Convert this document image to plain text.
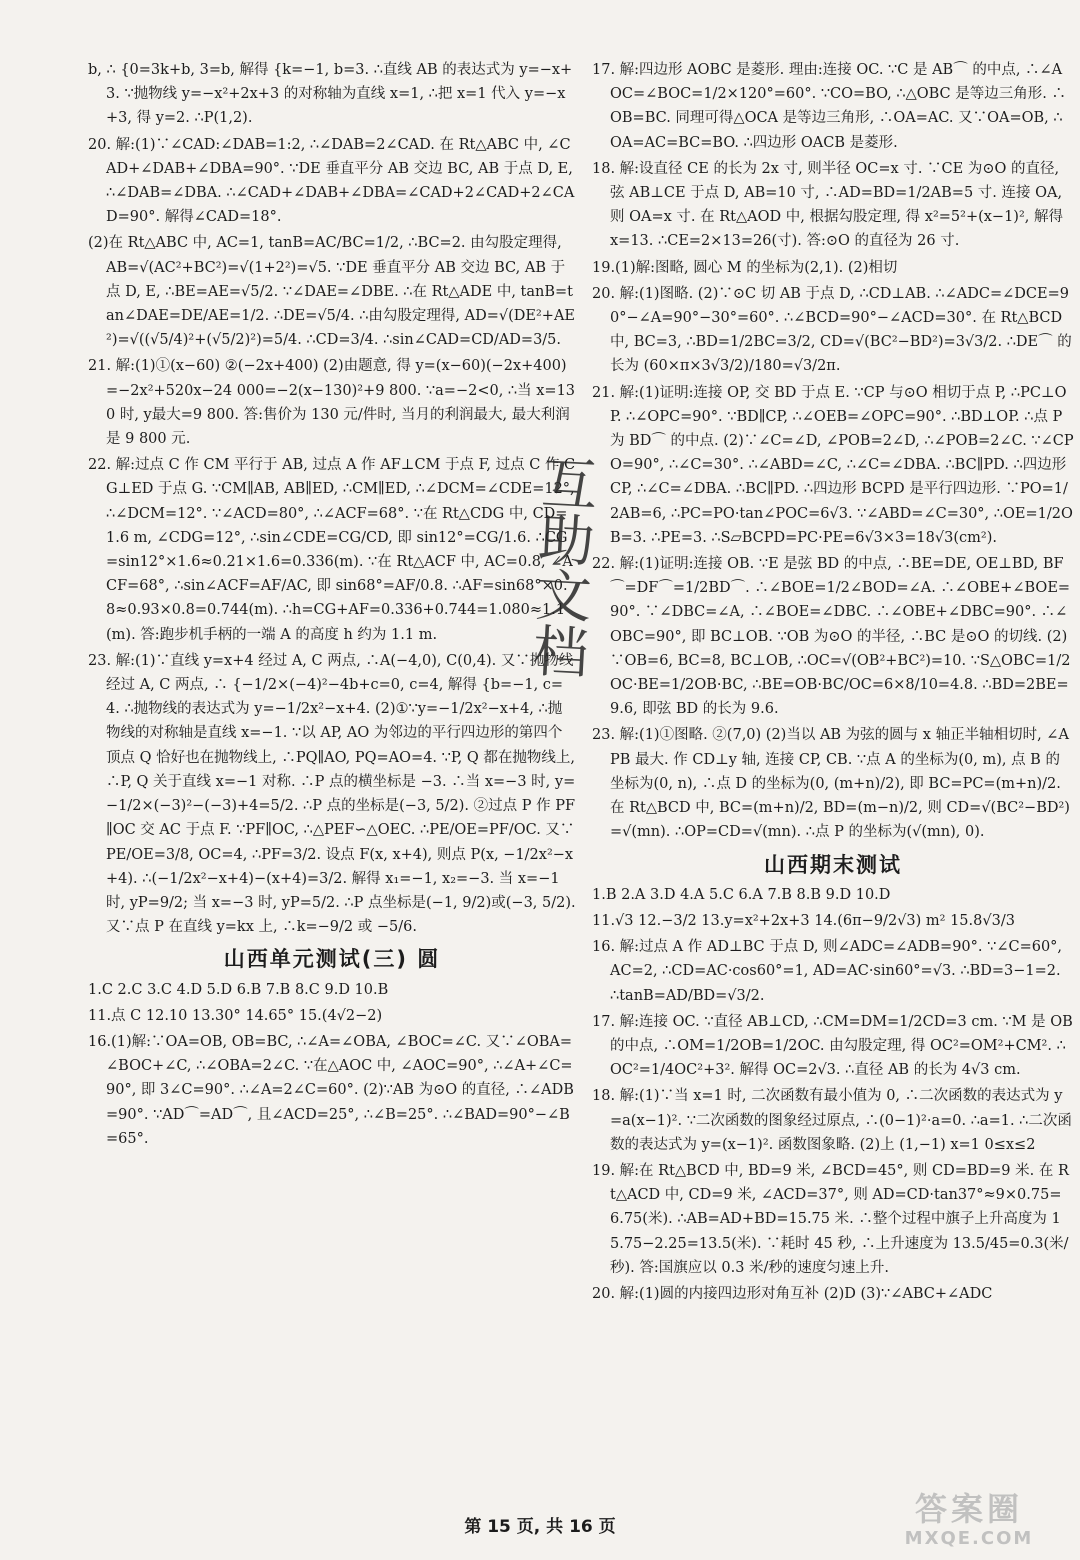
b, ∴ {0=3k+b, 3=b, 解得 {k=−1, b=3. ∴直线 AB 的表达式为 y=−x+3. ∵抛物线 y=−x²+2x+3 的对称轴为直线 x=1, ∴把 x=1 代入 y=−x+3, 得 y=2. ∴P(1,2).

20. 解:(1)∵∠CAD:∠DAB=1:2, ∴∠DAB=2∠CAD. 在 Rt△ABC 中, ∠CAD+∠DAB+∠DBA=90°. ∵DE 垂直平分 AB 交边 BC, AB 于点 D, E, ∴∠DAB=∠DBA. ∴∠CAD+∠DAB+∠DBA=∠CAD+2∠CAD+2∠CAD=90°. 解得∠CAD=18°.

(2)在 Rt△ABC 中, AC=1, tanB=AC/BC=1/2, ∴BC=2. 由勾股定理得, AB=√(AC²+BC²)=√(1+2²)=√5. ∵DE 垂直平分 AB 交边 BC, AB 于点 D, E, ∴BE=AE=√5/2. ∵∠DAE=∠DBE. ∴在 Rt△ADE 中, tanB=tan∠DAE=DE/AE=1/2. ∴DE=√5/4. ∴由勾股定理得, AD=√(DE²+AE²)=√((√5/4)²+(√5/2)²)=5/4. ∴CD=3/4. ∴sin∠CAD=CD/AD=3/5.

21. 解:(1)①(x−60) ②(−2x+400) (2)由题意, 得 y=(x−60)(−2x+400)=−2x²+520x−24 000=−2(x−130)²+9 800. ∵a=−2<0, ∴当 x=130 时, y最大=9 800. 答:售价为 130 元/件时, 当月的利润最大, 最大利润是 9 800 元.

22. 解:过点 C 作 CM 平行于 AB, 过点 A 作 AF⊥CM 于点 F, 过点 C 作 CG⊥ED 于点 G. ∵CM∥AB, AB∥ED, ∴CM∥ED, ∴∠DCM=∠CDE=12°, ∴∠DCM=12°. ∵∠ACD=80°, ∴∠ACF=68°. ∵在 Rt△CDG 中, CD=1.6 m, ∠CDG=12°, ∴sin∠CDE=CG/CD, 即 sin12°=CG/1.6. ∴CG=sin12°×1.6≈0.21×1.6=0.336(m). ∵在 Rt△ACF 中, AC=0.8, ∠ACF=68°, ∴sin∠ACF=AF/AC, 即 sin68°=AF/0.8. ∴AF=sin68°×0.8≈0.93×0.8=0.744(m). ∴h=CG+AF=0.336+0.744=1.080≈1.1(m). 答:跑步机手柄的一端 A 的高度 h 约为 1.1 m.

23. 解:(1)∵直线 y=x+4 经过 A, C 两点, ∴A(−4,0), C(0,4). 又∵抛物线经过 A, C 两点, ∴ {−1/2×(−4)²−4b+c=0, c=4, 解得 {b=−1, c=4. ∴抛物线的表达式为 y=−1/2x²−x+4. (2)①∵y=−1/2x²−x+4, ∴抛物线的对称轴是直线 x=−1. ∵以 AP, AO 为邻边的平行四边形的第四个顶点 Q 恰好也在抛物线上, ∴PQ∥AO, PQ=AO=4. ∵P, Q 都在抛物线上, ∴P, Q 关于直线 x=−1 对称. ∴P 点的横坐标是 −3. ∴当 x=−3 时, y=−1/2×(−3)²−(−3)+4=5/2. ∴P 点的坐标是(−3, 5/2). ②过点 P 作 PF∥OC 交 AC 于点 F. ∵PF∥OC, ∴△PEF∽△OEC. ∴PE/OE=PF/OC. 又∵PE/OE=3/8, OC=4, ∴PF=3/2. 设点 F(x, x+4), 则点 P(x, −1/2x²−x+4). ∴(−1/2x²−x+4)−(x+4)=3/2. 解得 x₁=−1, x₂=−3. 当 x=−1 时, yP=9/2; 当 x=−3 时, yP=5/2. ∴P 点坐标是(−1, 9/2)或(−3, 5/2). 又∵点 P 在直线 y=kx 上, ∴k=−9/2 或 −5/6.

山西单元测试(三) 圆

1.C 2.C 3.C 4.D 5.D 6.B 7.B 8.C 9.D 10.B

11.点 C 12.10 13.30° 14.65° 15.(4√2−2)

16.(1)解:∵OA=OB, OB=BC, ∴∠A=∠OBA, ∠BOC=∠C. 又∵∠OBA=∠BOC+∠C, ∴∠OBA=2∠C. ∵在△AOC 中, ∠AOC=90°, ∴∠A+∠C=90°, 即 3∠C=90°. ∴∠A=2∠C=60°. (2)∵AB 为⊙O 的直径, ∴∠ADB=90°. ∵AD⌒=AD⌒, 且∠ACD=25°, ∴∠B=25°. ∴∠BAD=90°−∠B=65°.

17. 解:四边形 AOBC 是菱形. 理由:连接 OC. ∵C 是 AB⌒ 的中点, ∴∠AOC=∠BOC=1/2×120°=60°. ∵CO=BO, ∴△OBC 是等边三角形. ∴OB=BC. 同理可得△OCA 是等边三角形, ∴OA=AC. 又∵OA=OB, ∴OA=AC=BC=BO. ∴四边形 OACB 是菱形.

18. 解:设直径 CE 的长为 2x 寸, 则半径 OC=x 寸. ∵CE 为⊙O 的直径, 弦 AB⊥CE 于点 D, AB=10 寸, ∴AD=BD=1/2AB=5 寸. 连接 OA, 则 OA=x 寸. 在 Rt△AOD 中, 根据勾股定理, 得 x²=5²+(x−1)², 解得 x=13. ∴CE=2×13=26(寸). 答:⊙O 的直径为 26 寸.

19.(1)解:图略, 圆心 M 的坐标为(2,1). (2)相切

20. 解:(1)图略. (2)∵⊙C 切 AB 于点 D, ∴CD⊥AB. ∴∠ADC=∠DCE=90°−∠A=90°−30°=60°. ∴∠BCD=90°−∠ACD=30°. 在 Rt△BCD 中, BC=3, ∴BD=1/2BC=3/2, CD=√(BC²−BD²)=3√3/2. ∴DE⌒ 的长为 (60×π×3√3/2)/180=√3/2π.

21. 解:(1)证明:连接 OP, 交 BD 于点 E. ∵CP 与⊙O 相切于点 P, ∴PC⊥OP. ∴∠OPC=90°. ∵BD∥CP, ∴∠OEB=∠OPC=90°. ∴BD⊥OP. ∴点 P 为 BD⌒ 的中点. (2)∵∠C=∠D, ∠POB=2∠D, ∴∠POB=2∠C. ∵∠CPO=90°, ∴∠C=30°. ∴∠ABD=∠C, ∴∠C=∠DBA. ∴BC∥PD. ∴四边形 CP, ∴∠C=∠DBA. ∴BC∥PD. ∴四边形 BCPD 是平行四边形. ∵PO=1/2AB=6, ∴PC=PO·tan∠POC=6√3. ∵∠ABD=∠C=30°, ∴OE=1/2OB=3. ∴PE=3. ∴S▱BCPD=PC·PE=6√3×3=18√3(cm²).

22. 解:(1)证明:连接 OB. ∵E 是弦 BD 的中点, ∴BE=DE, OE⊥BD, BF⌒=DF⌒=1/2BD⌒. ∴∠BOE=1/2∠BOD=∠A. ∴∠OBE+∠BOE=90°. ∵∠DBC=∠A, ∴∠BOE=∠DBC. ∴∠OBE+∠DBC=90°. ∴∠OBC=90°, 即 BC⊥OB. ∵OB 为⊙O 的半径, ∴BC 是⊙O 的切线. (2)∵OB=6, BC=8, BC⊥OB, ∴OC=√(OB²+BC²)=10. ∵S△OBC=1/2OC·BE=1/2OB·BC, ∴BE=OB·BC/OC=6×8/10=4.8. ∴BD=2BE=9.6, 即弦 BD 的长为 9.6.

23. 解:(1)①图略. ②(7,0) (2)当以 AB 为弦的圆与 x 轴正半轴相切时, ∠APB 最大. 作 CD⊥y 轴, 连接 CP, CB. ∵点 A 的坐标为(0, m), 点 B 的坐标为(0, n), ∴点 D 的坐标为(0, (m+n)/2), 即 BC=PC=(m+n)/2. 在 Rt△BCD 中, BC=(m+n)/2, BD=(m−n)/2, 则 CD=√(BC²−BD²)=√(mn). ∴OP=CD=√(mn). ∴点 P 的坐标为(√(mn), 0).

山西期末测试

1.B 2.A 3.D 4.A 5.C 6.A 7.B 8.B 9.D 10.D

11.√3 12.−3/2 13.y=x²+2x+3 14.(6π−9/2√3) m² 15.8√3/3

16. 解:过点 A 作 AD⊥BC 于点 D, 则∠ADC=∠ADB=90°. ∵∠C=60°, AC=2, ∴CD=AC·cos60°=1, AD=AC·sin60°=√3. ∴BD=3−1=2. ∴tanB=AD/BD=√3/2.

17. 解:连接 OC. ∵直径 AB⊥CD, ∴CM=DM=1/2CD=3 cm. ∵M 是 OB 的中点, ∴OM=1/2OB=1/2OC. 由勾股定理, 得 OC²=OM²+CM². ∴OC²=1/4OC²+3². 解得 OC=2√3. ∴直径 AB 的长为 4√3 cm.

18. 解:(1)∵当 x=1 时, 二次函数有最小值为 0, ∴二次函数的表达式为 y=a(x−1)². ∵二次函数的图象经过原点, ∴(0−1)²·a=0. ∴a=1. ∴二次函数的表达式为 y=(x−1)². 函数图象略. (2)上 (1,−1) x=1 0≤x≤2

19. 解:在 Rt△BCD 中, BD=9 米, ∠BCD=45°, 则 CD=BD=9 米. 在 Rt△ACD 中, CD=9 米, ∠ACD=37°, 则 AD=CD·tan37°≈9×0.75=6.75(米). ∴AB=AD+BD=15.75 米. ∴整个过程中旗子上升高度为 15.75−2.25=13.5(米). ∵耗时 45 秒, ∴上升速度为 13.5/45=0.3(米/秒). 答:国旗应以 0.3 米/秒的速度匀速上升.

20. 解:(1)圆的内接四边形对角互补 (2)D (3)∵∠ABC+∠ADC

互助文档
第 15 页, 共 16 页	答案圈
MXQE.COM
